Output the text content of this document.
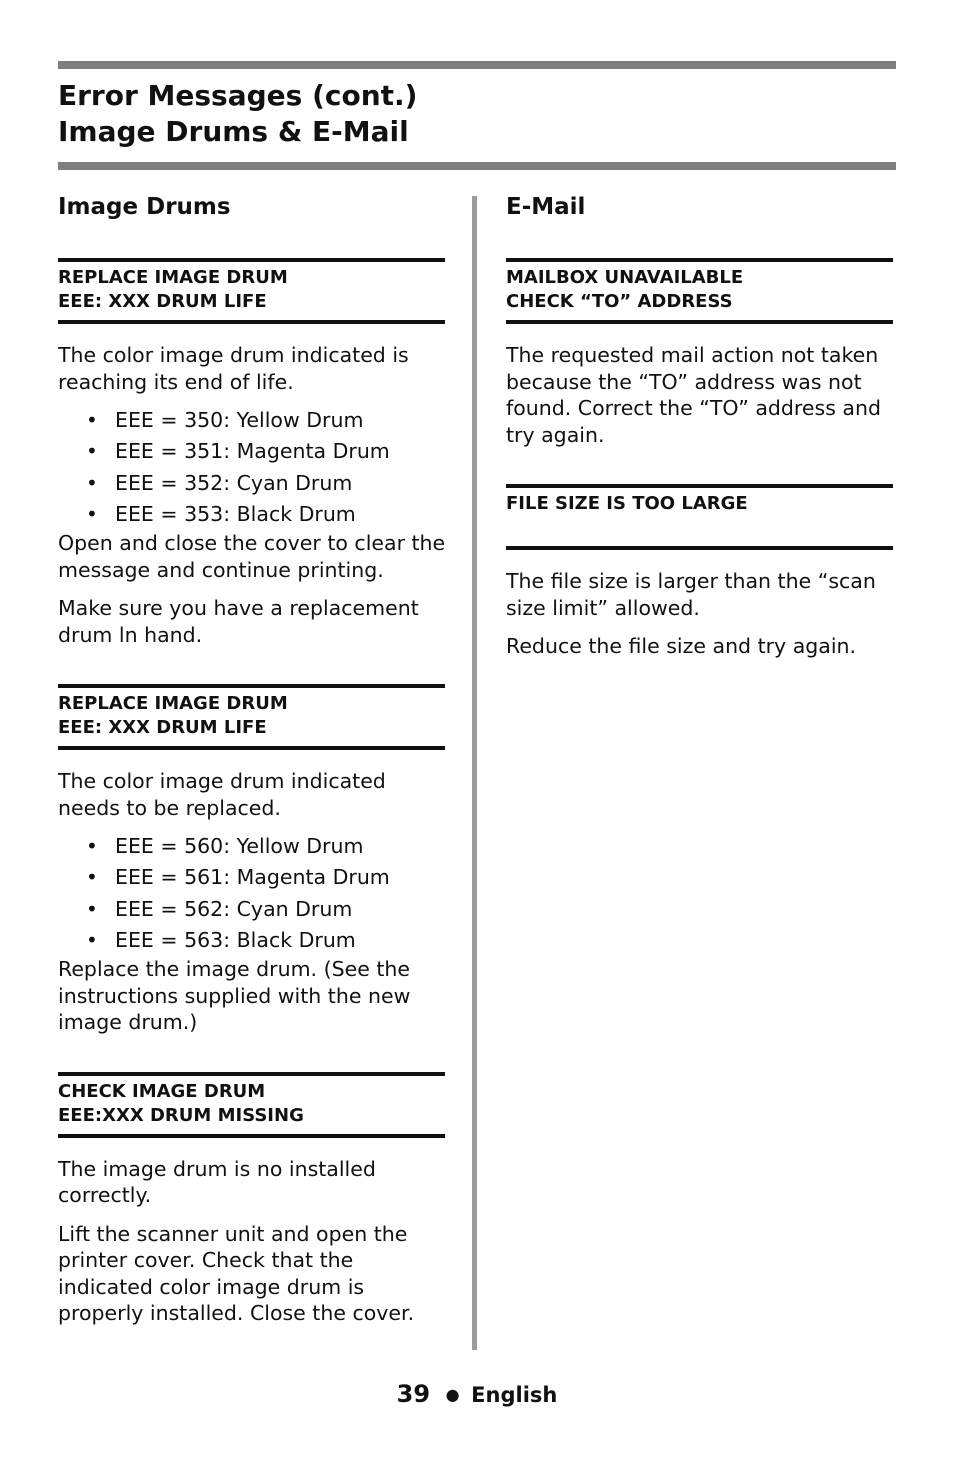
Error Messages (cont.)
Image Drums & E-Mail
Image Drums
REPLACE IMAGE DRUM
EEE: XXX DRUM LIFE

The color image drum indicated is reaching its end of life.

• EEE = 350: Yellow Drum
• EEE = 351: Magenta Drum
• EEE = 352: Cyan Drum
• EEE = 353: Black Drum

Open and close the cover to clear the message and continue printing.

Make sure you have a replacement drum ln hand.

REPLACE IMAGE DRUM
EEE: XXX DRUM LIFE

The color image drum indicated needs to be replaced.

• EEE = 560: Yellow Drum
• EEE = 561: Magenta Drum
• EEE = 562: Cyan Drum
• EEE = 563: Black Drum

Replace the image drum. (See the instructions supplied with the new image drum.)

CHECK IMAGE DRUM
EEE:XXX DRUM MISSING

The image drum is no installed correctly.

Lift the scanner unit and open the printer cover. Check that the indicated color image drum is properly installed. Close the cover.

E-Mail
MAILBOX UNAVAILABLE
CHECK “TO” ADDRESS

The requested mail action not taken because the “TO” address was not found. Correct the “TO” address and try again.

FILE SIZE IS TOO LARGE

The file size is larger than the “scan size limit” allowed.

Reduce the file size and try again.

39 ● English
